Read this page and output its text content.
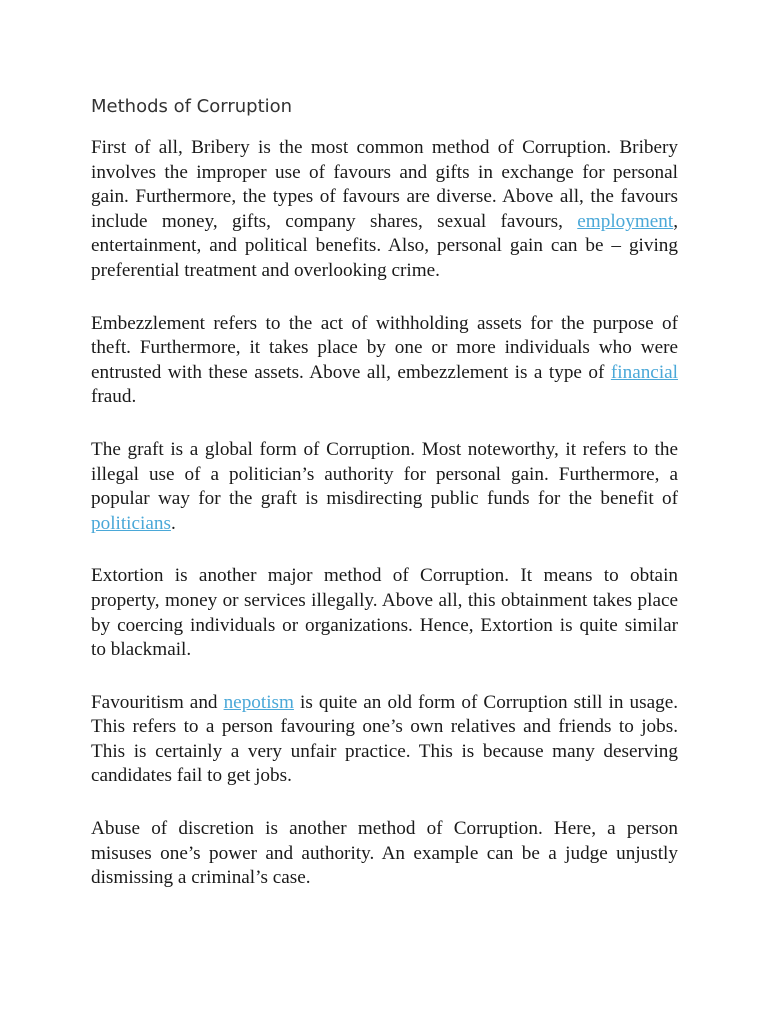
Methods of Corruption

First of all, Bribery is the most common method of Corruption. Bribery involves the improper use of favours and gifts in exchange for personal gain. Furthermore, the types of favours are diverse. Above all, the favours include money, gifts, company shares, sexual favours, employment, entertainment, and political benefits. Also, personal gain can be – giving preferential treatment and overlooking crime.

Embezzlement refers to the act of withholding assets for the purpose of theft. Furthermore, it takes place by one or more individuals who were entrusted with these assets. Above all, embezzlement is a type of financial fraud.

The graft is a global form of Corruption. Most noteworthy, it refers to the illegal use of a politician’s authority for personal gain. Furthermore, a popular way for the graft is misdirecting public funds for the benefit of politicians.

Extortion is another major method of Corruption. It means to obtain property, money or services illegally. Above all, this obtainment takes place by coercing individuals or organizations. Hence, Extortion is quite similar to blackmail.

Favouritism and nepotism is quite an old form of Corruption still in usage. This refers to a person favouring one’s own relatives and friends to jobs. This is certainly a very unfair practice. This is because many deserving candidates fail to get jobs.

Abuse of discretion is another method of Corruption. Here, a person misuses one’s power and authority. An example can be a judge unjustly dismissing a criminal’s case.
